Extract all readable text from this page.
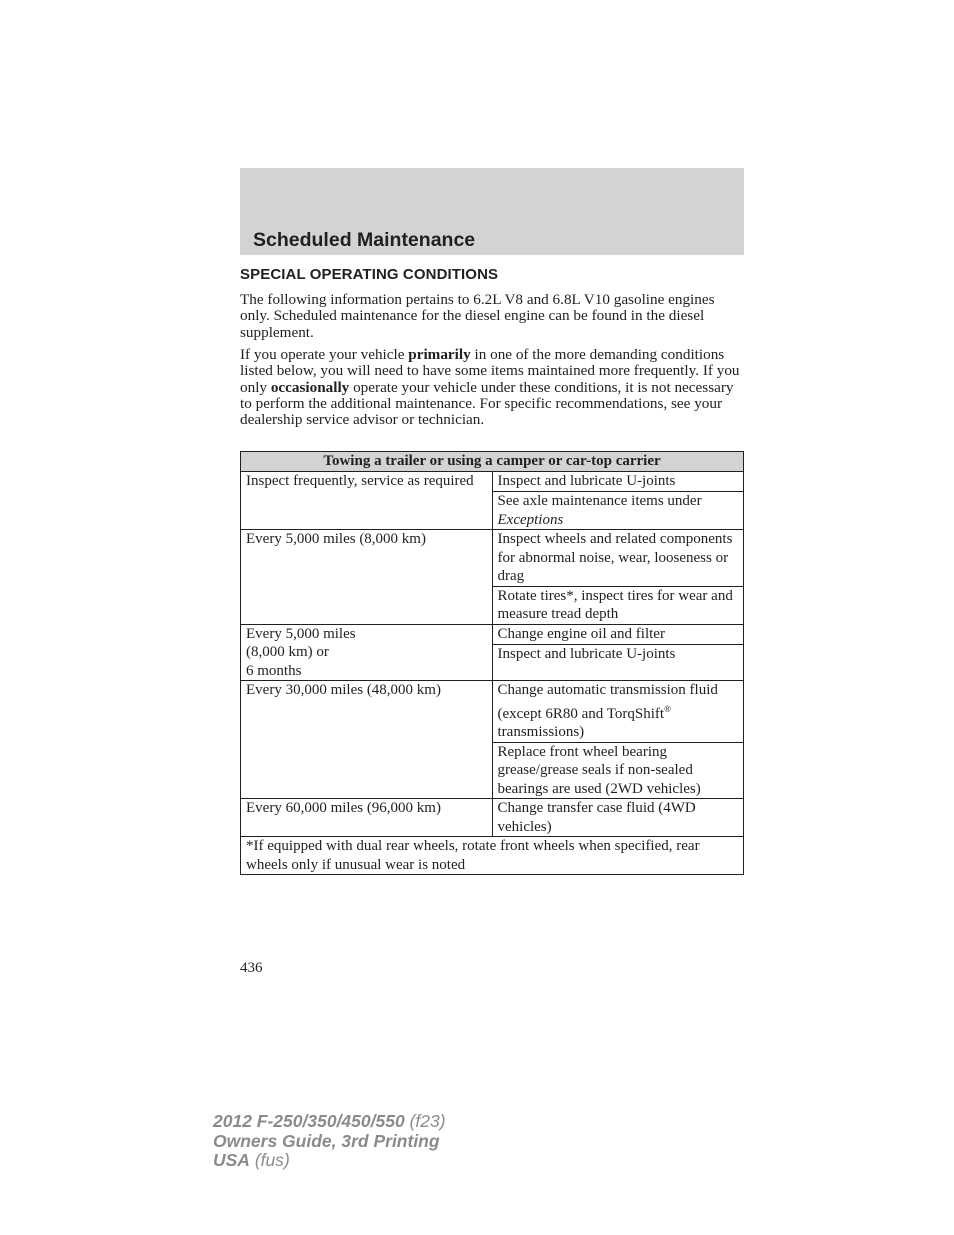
Scheduled Maintenance
SPECIAL OPERATING CONDITIONS

The following information pertains to 6.2L V8 and 6.8L V10 gasoline engines only. Scheduled maintenance for the diesel engine can be found in the diesel supplement.

If you operate your vehicle primarily in one of the more demanding conditions listed below, you will need to have some items maintained more frequently. If you only occasionally operate your vehicle under these conditions, it is not necessary to perform the additional maintenance. For specific recommendations, see your dealership service advisor or technician.

Towing a trailer or using a camper or car-top carrier	
Inspect frequently, service as required	Inspect and lubricate U-joints
	See axle maintenance items under Exceptions
Every 5,000 miles (8,000 km)	Inspect wheels and related components for abnormal noise, wear, looseness or drag
	Rotate tires*, inspect tires for wear and measure tread depth
Every 5,000 miles
(8,000 km) or
6 months	Change engine oil and filter
	Inspect and lubricate U-joints
Every 30,000 miles (48,000 km)	Change automatic transmission fluid (except 6R80 and TorqShift® transmissions)
	Replace front wheel bearing grease/grease seals if non-sealed bearings are used (2WD vehicles)
Every 60,000 miles (96,000 km)	Change transfer case fluid (4WD vehicles)
*If equipped with dual rear wheels, rotate front wheels when specified, rear wheels only if unusual wear is noted	

436

2012 F-250/350/450/550 (f23)
Owners Guide, 3rd Printing
USA (fus)
